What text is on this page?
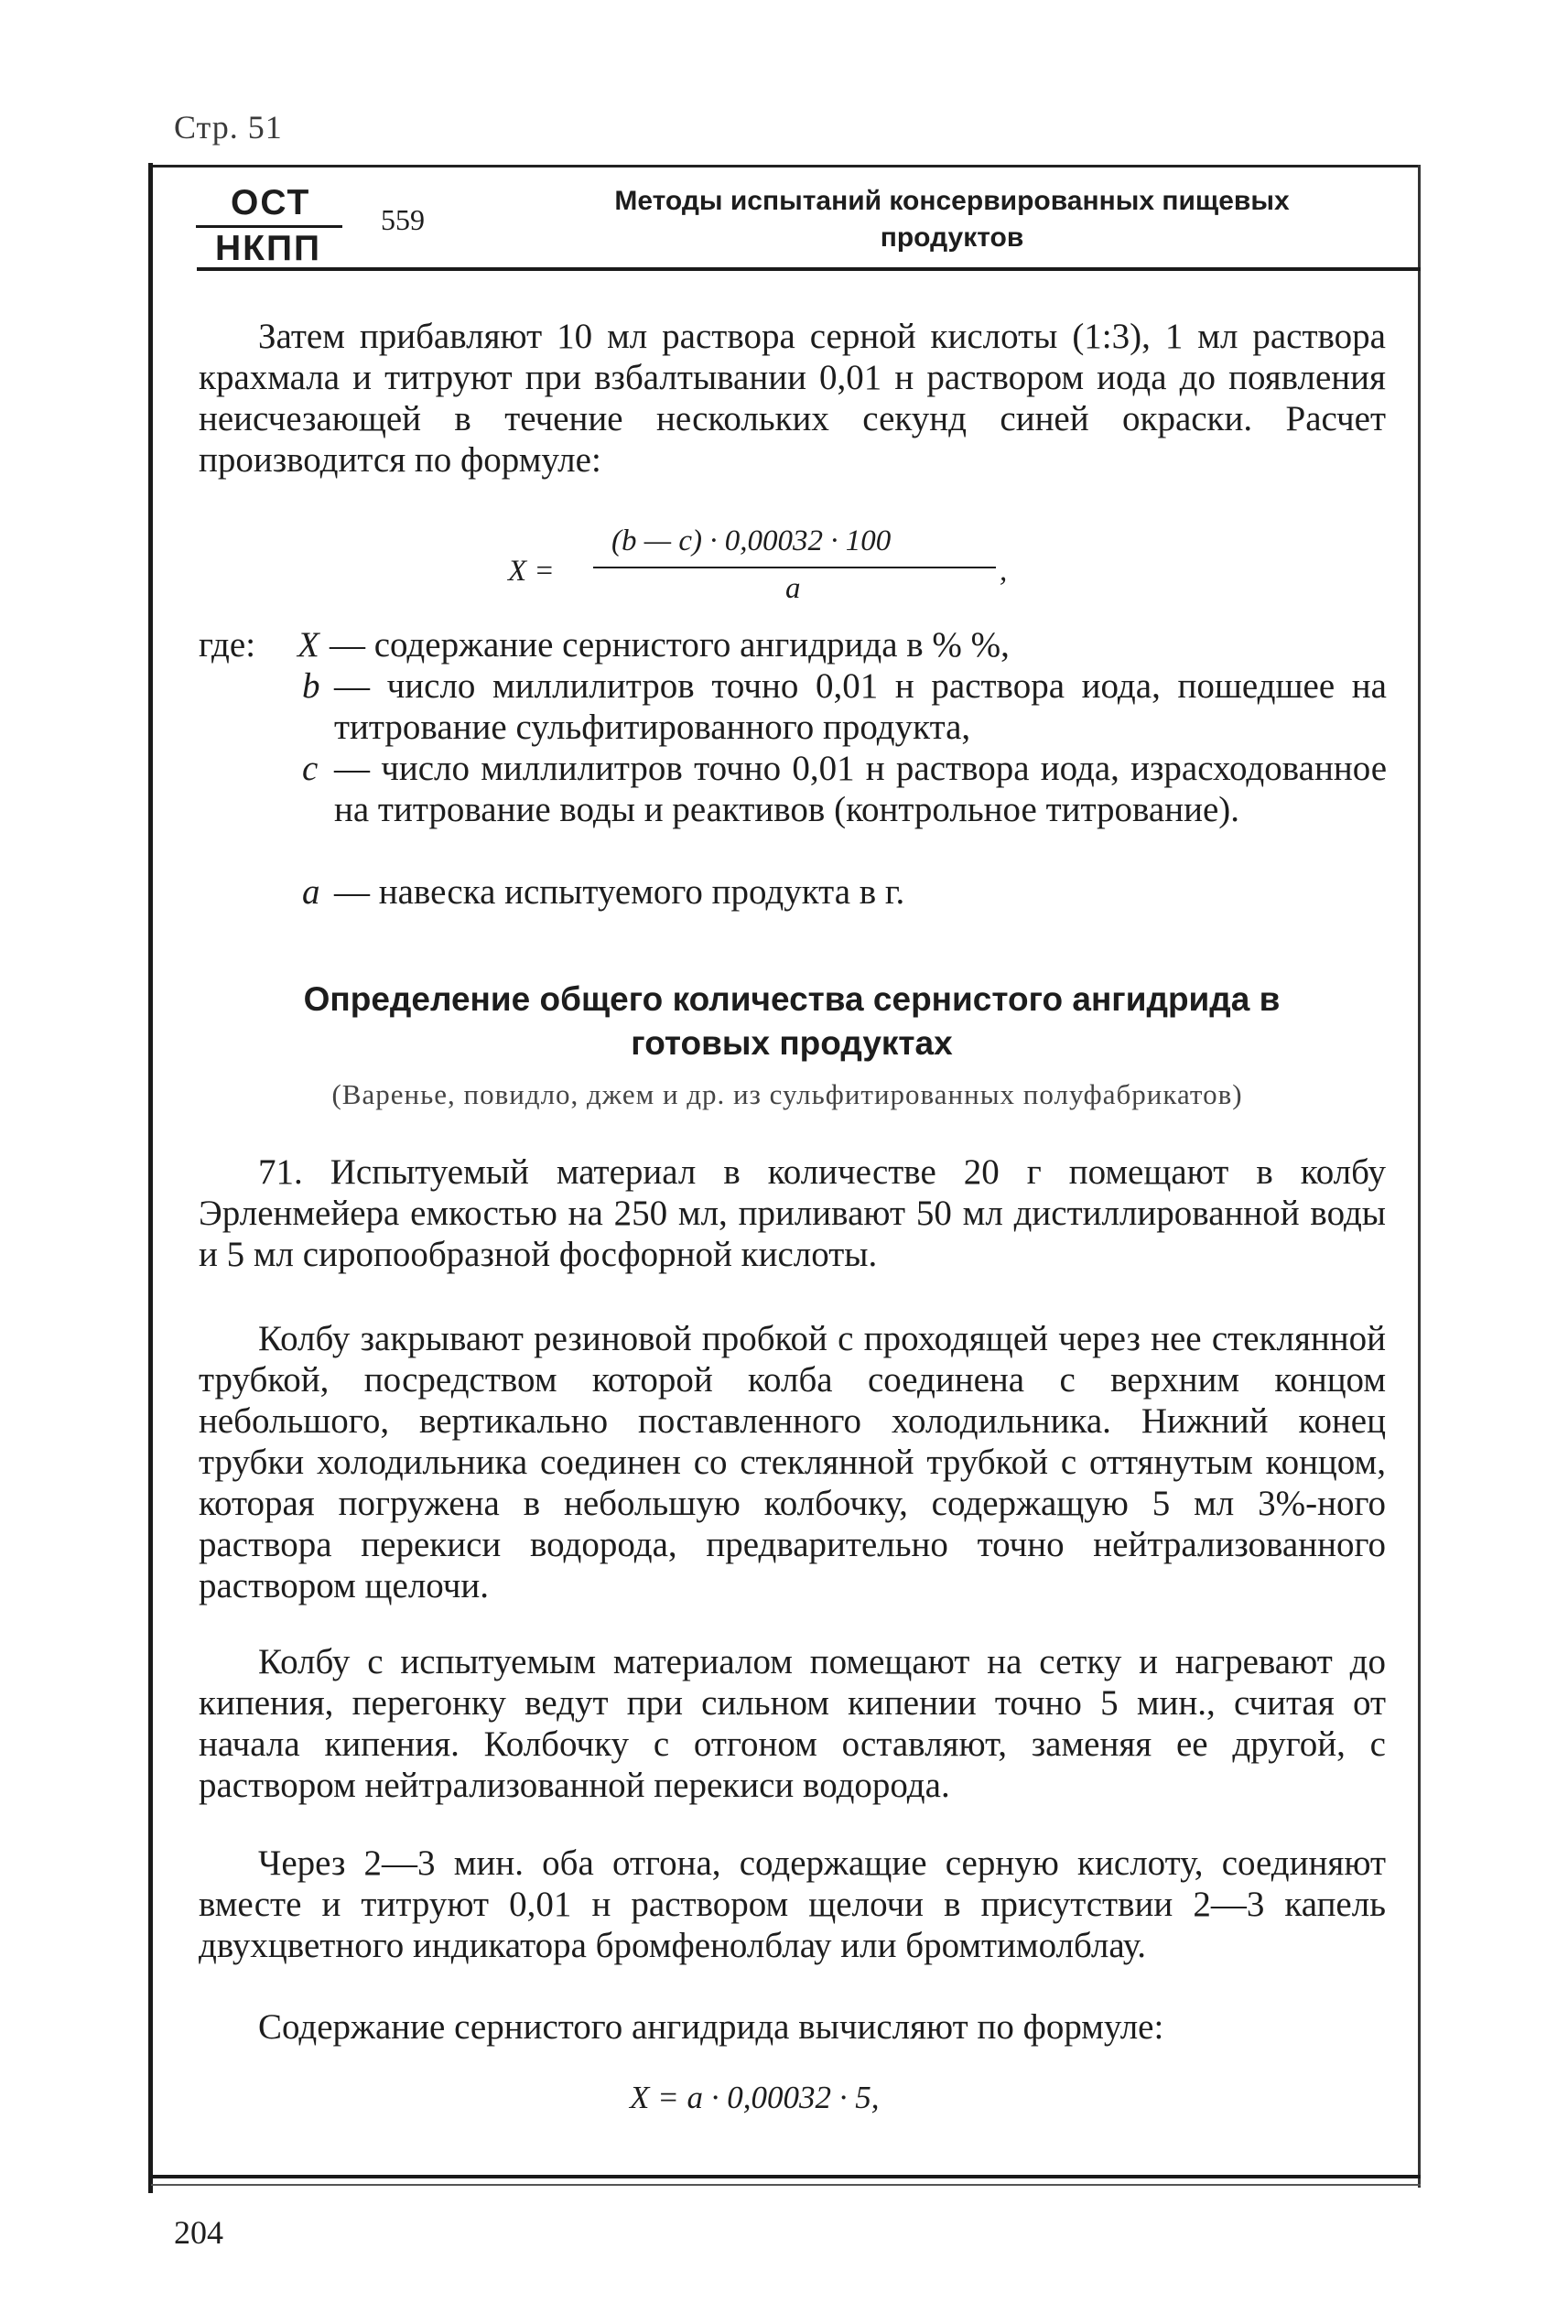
Стр. 51
ОСТ
НКПП
559
Методы испытаний консервированных пищевых продуктов
Затем прибавляют 10 мл раствора серной кислоты (1:3), 1 мл раствора крахмала и титруют при взбалтывании 0,01 н раствором иода до появления неисчезающей в течение нескольких секунд синей окраски. Расчет производится по формуле:
X =
(b — c) · 0,00032 · 100
a
,
где: X — содержание сернистого ангидрида в % %,
b — число миллилитров точно 0,01 н раствора иода, пошедшее на титрование сульфитированного продукта,
c — число миллилитров точно 0,01 н раствора иода, израсходованное на титрование воды и реактивов (контрольное титрование).
a — навеска испытуемого продукта в г.
Определение общего количества сернистого ангидрида в готовых продуктах
(Варенье, повидло, джем и др. из сульфитированных полуфабрикатов)
71. Испытуемый материал в количестве 20 г помещают в колбу Эрленмейера емкостью на 250 мл, приливают 50 мл дистиллированной воды и 5 мл сиропообразной фосфорной кислоты.
Колбу закрывают резиновой пробкой с проходящей через нее стеклянной трубкой, посредством которой колба соединена с верхним концом небольшого, вертикально поставленного холодильника. Нижний конец трубки холодильника соединен со стеклянной трубкой с оттянутым концом, которая погружена в небольшую колбочку, содержащую 5 мл 3%-ного раствора перекиси водорода, предварительно точно нейтрализованного раствором щелочи.
Колбу с испытуемым материалом помещают на сетку и нагревают до кипения, перегонку ведут при сильном кипении точно 5 мин., считая от начала кипения. Колбочку с отгоном оставляют, заменяя ее другой, с раствором нейтрализованной перекиси водорода.
Через 2—3 мин. оба отгона, содержащие серную кислоту, соединяют вместе и титруют 0,01 н раствором щелочи в присутствии 2—3 капель двухцветного индикатора бромфенолблау или бромтимолблау.
Содержание сернистого ангидрида вычисляют по формуле:
X = a · 0,00032 · 5,
204
